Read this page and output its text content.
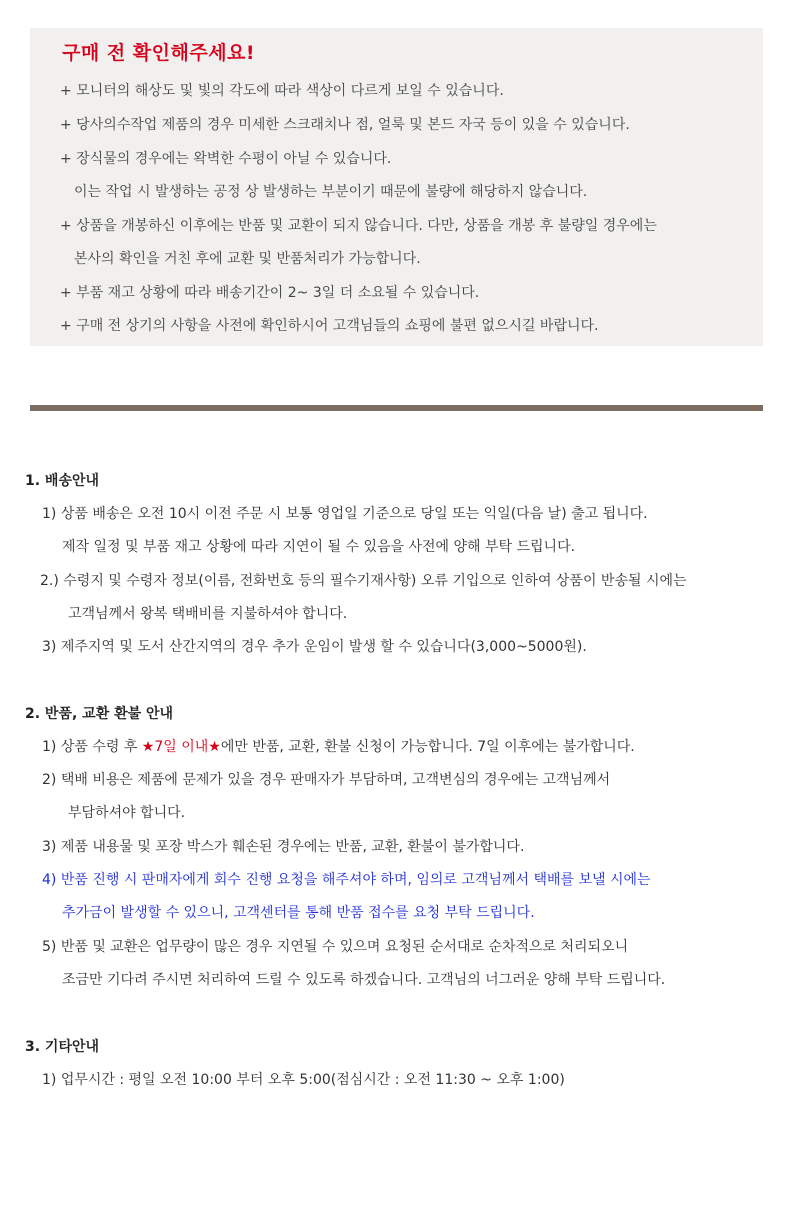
구매 전 확인해주세요!
+ 모니터의 해상도 및 빛의 각도에 따라 색상이 다르게 보일 수 있습니다.
+ 당사의수작업 제품의 경우 미세한 스크래치나 점, 얼룩 및 본드 자국 등이 있을 수 있습니다.
+ 장식물의 경우에는 왁벽한 수평이 아닐 수 있습니다.
이는 작업 시 발생하는 공정 상 발생하는 부분이기 때문에 불량에 해당하지 않습니다.
+ 상품을 개봉하신 이후에는 반품 및 교환이 되지 않습니다. 다만, 상품을 개봉 후 불량일 경우에는
본사의 확인을 거친 후에 교환 및 반품처리가 가능합니다.
+ 부품 재고 상황에 따라 배송기간이 2~ 3일 더 소요될 수 있습니다.
+ 구매 전 상기의 사항을 사전에 확인하시어 고객님들의 쇼핑에 불편 없으시길 바랍니다.
1. 배송안내
1) 상품 배송은 오전 10시 이전 주문 시 보통 영업일 기준으로 당일 또는 익일(다음 날) 출고 됩니다.
제작 일정 및 부품 재고 상황에 따라 지연이 될 수 있음을 사전에 양해 부탁 드립니다.
2.) 수령지 및 수령자 정보(이름, 전화번호 등의 필수기재사항) 오류 기입으로 인하여 상품이 반송될 시에는
고객님께서 왕복 택배비를 지불하셔야 합니다.
3) 제주지역 및 도서 산간지역의 경우 추가 운임이 발생 할 수 있습니다(3,000~5000원).
2. 반품, 교환 환불 안내
1) 상품 수령 후 ★7일 이내★에만 반품, 교환, 환불 신청이 가능합니다. 7일 이후에는 불가합니다.
2) 택배 비용은 제품에 문제가 있을 경우 판매자가 부담하며, 고객변심의 경우에는 고객님께서
부담하셔야 합니다.
3) 제품 내용물 및 포장 박스가 훼손된 경우에는 반품, 교환, 환불이 불가합니다.
4) 반품 진행 시 판매자에게 회수 진행 요청을 해주셔야 하며, 임의로 고객님께서 택배를 보낼 시에는
추가금이 발생할 수 있으니, 고객센터를 통해 반품 접수를 요청 부탁 드립니다.
5) 반품 및 교환은 업무량이 많은 경우 지연될 수 있으며 요청된 순서대로 순차적으로 처리되오니
조금만 기다려 주시면 처리하여 드릴 수 있도록 하겠습니다. 고객님의 너그러운 양해 부탁 드립니다.
3. 기타안내
1) 업무시간 : 평일 오전 10:00 부터 오후 5:00(점심시간 : 오전 11:30 ~ 오후 1:00)
